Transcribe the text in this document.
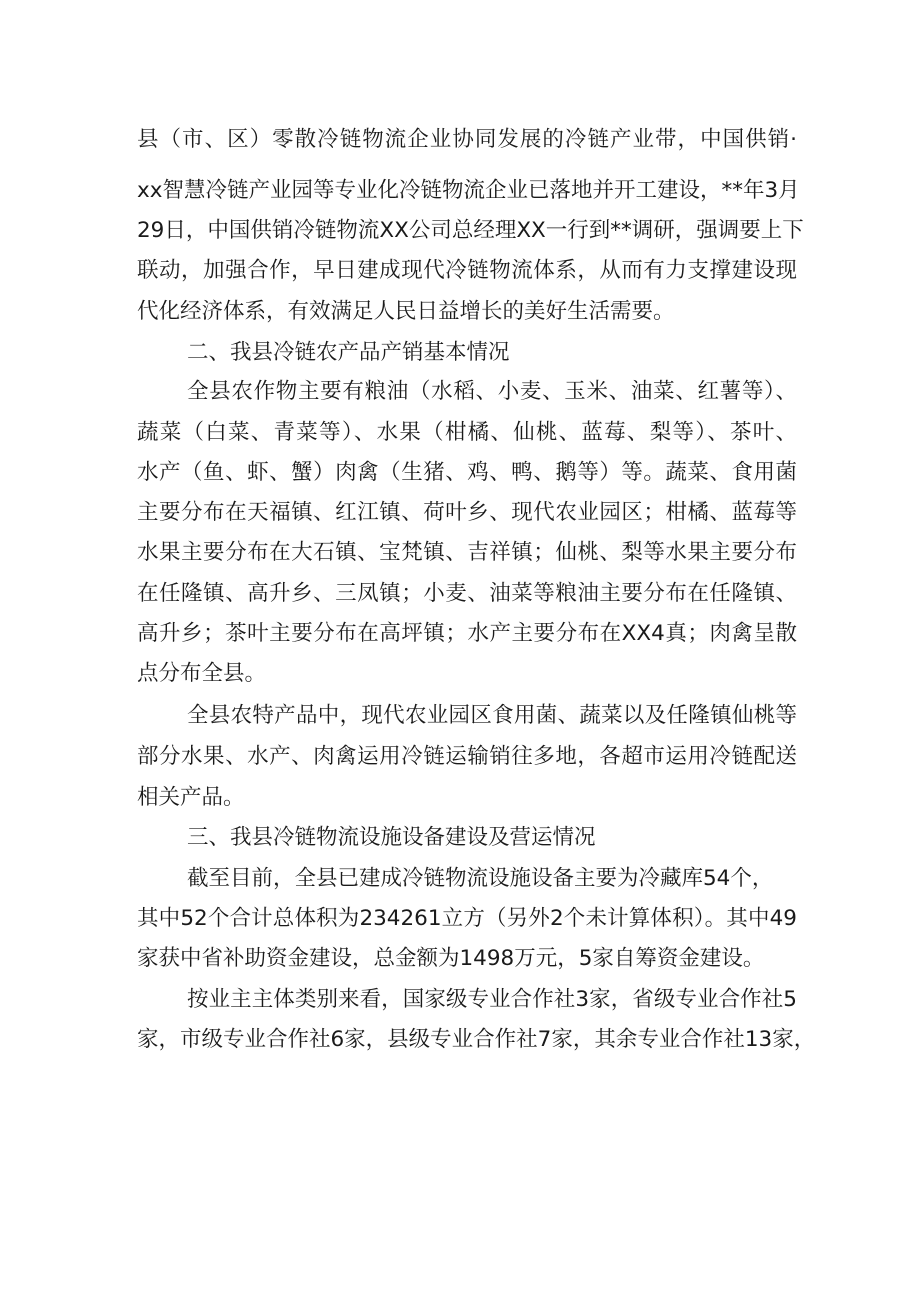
县（市、区）零散冷链物流企业协同发展的冷链产业带，中国供销·
xx智慧冷链产业园等专业化冷链物流企业已落地并开工建设，**年3月
29日，中国供销冷链物流XX公司总经理XX一行到**调研，强调要上下
联动，加强合作，早日建成现代冷链物流体系，从而有力支撑建设现
代化经济体系，有效满足人民日益增长的美好生活需要。
二、我县冷链农产品产销基本情况
全县农作物主要有粮油（水稻、小麦、玉米、油菜、红薯等）、
蔬菜（白菜、青菜等）、水果（柑橘、仙桃、蓝莓、梨等）、茶叶、
水产（鱼、虾、蟹）肉禽（生猪、鸡、鸭、鹅等）等。蔬菜、食用菌
主要分布在天福镇、红江镇、荷叶乡、现代农业园区；柑橘、蓝莓等
水果主要分布在大石镇、宝梵镇、吉祥镇；仙桃、梨等水果主要分布
在任隆镇、高升乡、三凤镇；小麦、油菜等粮油主要分布在任隆镇、
高升乡；茶叶主要分布在高坪镇；水产主要分布在XX4真；肉禽呈散
点分布全县。
全县农特产品中，现代农业园区食用菌、蔬菜以及任隆镇仙桃等
部分水果、水产、肉禽运用冷链运输销往多地，各超市运用冷链配送
相关产品。
三、我县冷链物流设施设备建设及营运情况
截至目前，全县已建成冷链物流设施设备主要为冷藏库54个，
其中52个合计总体积为234261立方（另外2个未计算体积）。其中49
家获中省补助资金建设，总金额为1498万元，5家自筹资金建设。
按业主主体类别来看，国家级专业合作社3家，省级专业合作社5
家，市级专业合作社6家，县级专业合作社7家，其余专业合作社13家，
